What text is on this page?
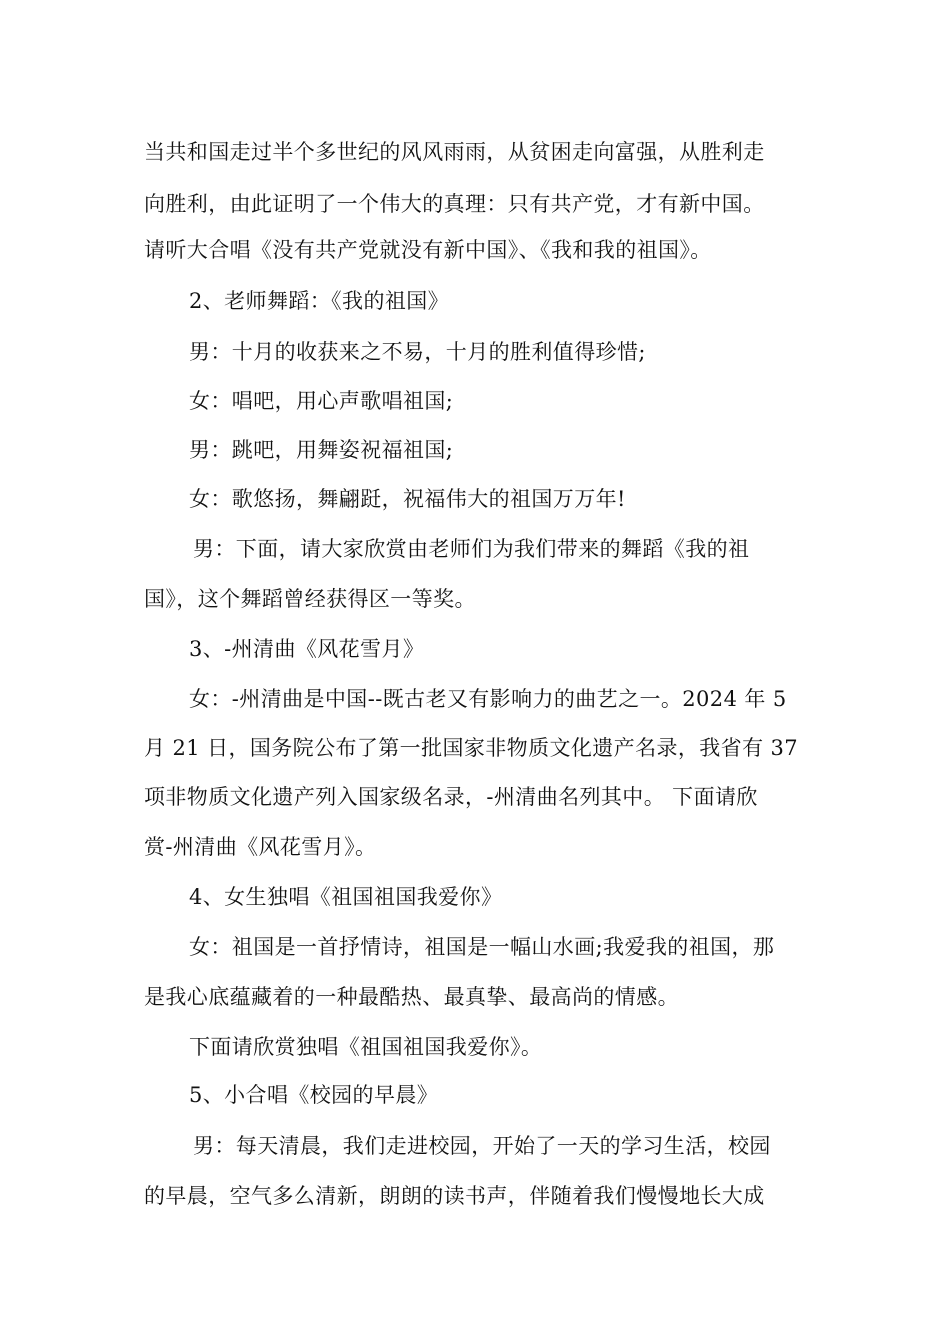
当共和国走过半个多世纪的风风雨雨，从贫困走向富强，从胜利走
向胜利，由此证明了一个伟大的真理：只有共产党，才有新中国。
请听大合唱《没有共产党就没有新中国》、《我和我的祖国》。
2、老师舞蹈：《我的祖国》
男：十月的收获来之不易，十月的胜利值得珍惜;
女：唱吧，用心声歌唱祖国;
男：跳吧，用舞姿祝福祖国;
女：歌悠扬，舞翩跹，祝福伟大的祖国万万年!
男：下面，请大家欣赏由老师们为我们带来的舞蹈《我的祖
国》，这个舞蹈曾经获得区一等奖。
3、-州清曲《风花雪月》
女：-州清曲是中国--既古老又有影响力的曲艺之一。2024 年 5
月 21 日，国务院公布了第一批国家非物质文化遗产名录，我省有 37
项非物质文化遗产列入国家级名录，-州清曲名列其中。 下面请欣
赏-州清曲《风花雪月》。
4、女生独唱《祖国祖国我爱你》
女：祖国是一首抒情诗，祖国是一幅山水画;我爱我的祖国，那
是我心底蕴藏着的一种最酷热、最真挚、最高尚的情感。
下面请欣赏独唱《祖国祖国我爱你》。
5、小合唱《校园的早晨》
男：每天清晨，我们走进校园，开始了一天的学习生活，校园
的早晨，空气多么清新，朗朗的读书声，伴随着我们慢慢地长大成
